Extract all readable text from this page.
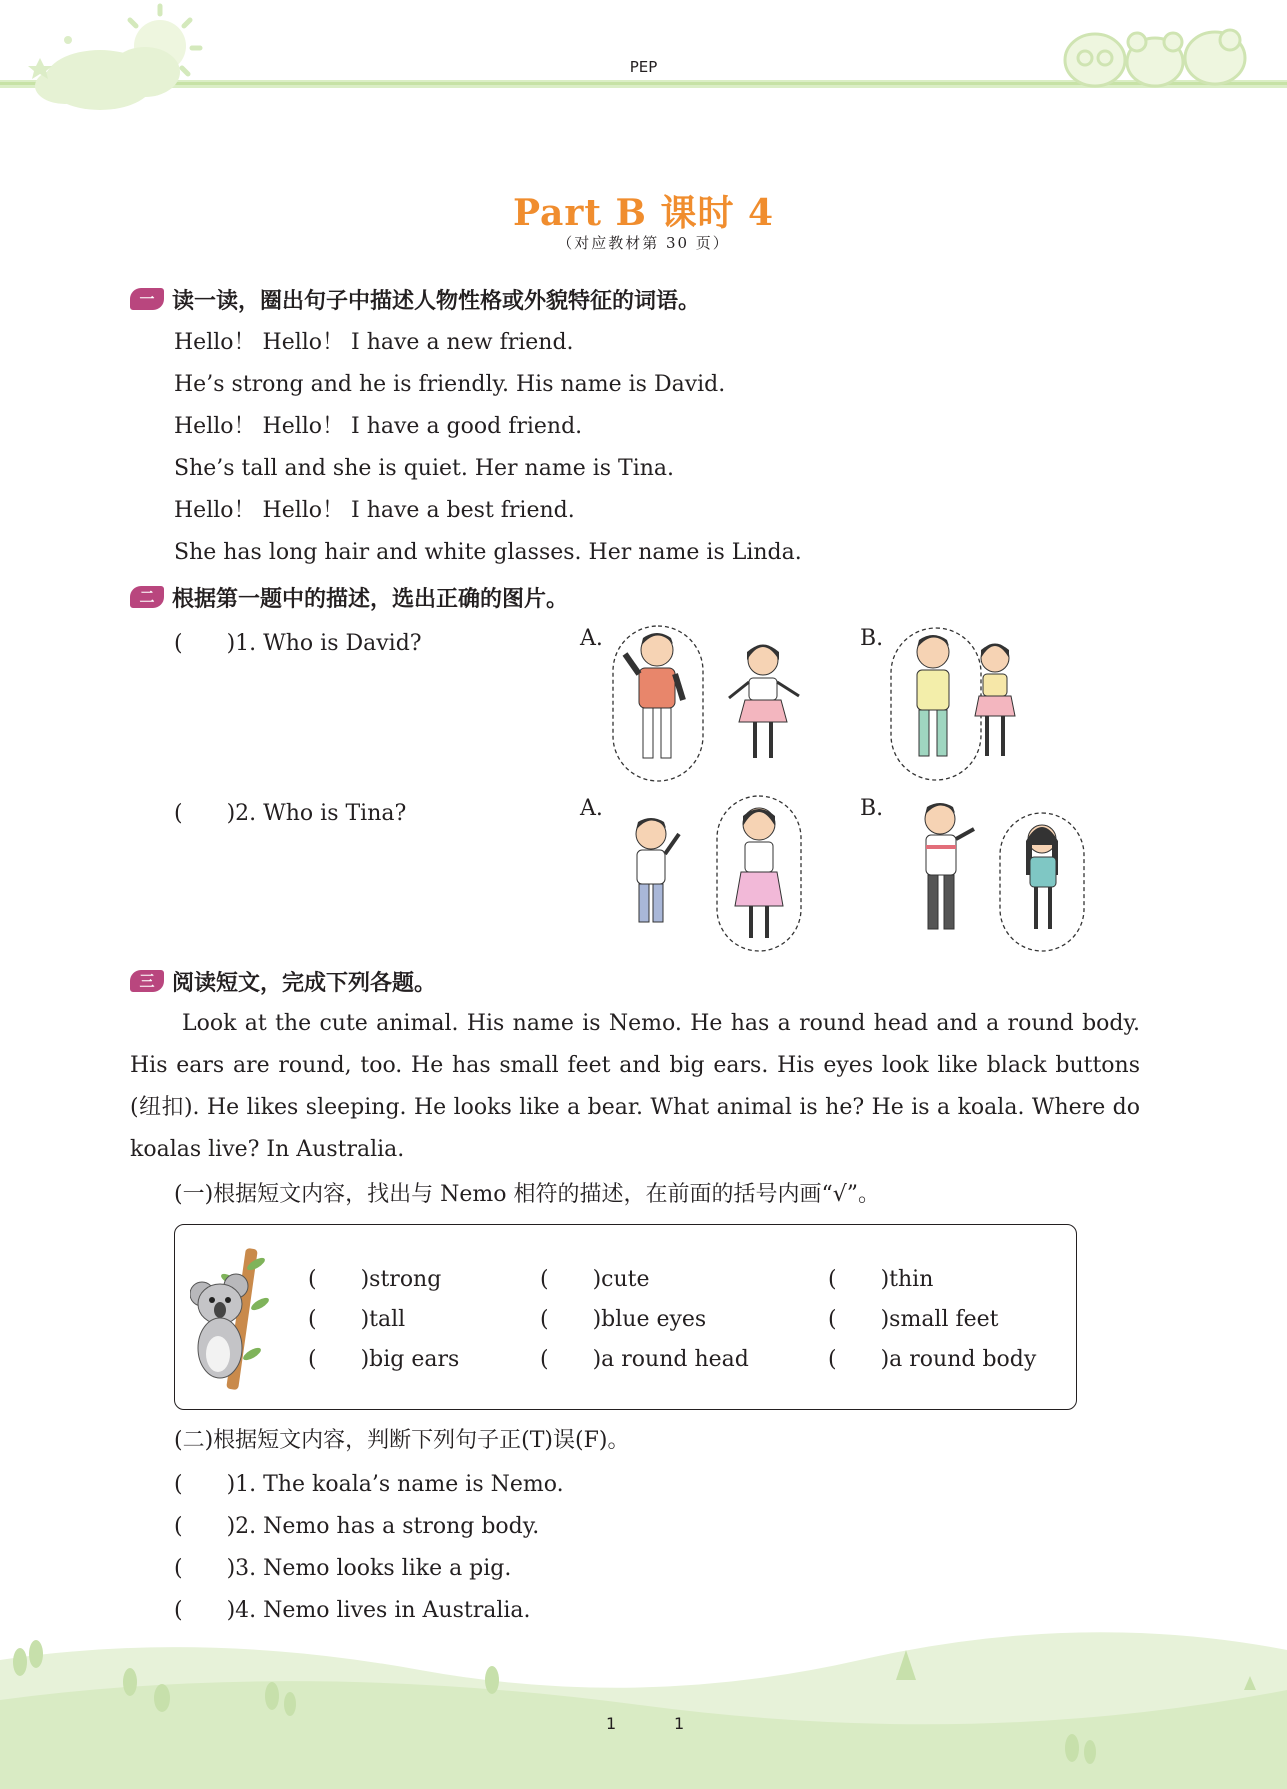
PEP
Part B 课时 4
（对应教材第 30 页）
一 读一读，圈出句子中描述人物性格或外貌特征的词语。
Hello！ Hello！ I have a new friend.
He’s strong and he is friendly. His name is David.
Hello！ Hello！ I have a good friend.
She’s tall and she is quiet. Her name is Tina.
Hello！ Hello！ I have a best friend.
She has long hair and white glasses. Her name is Linda.
二 根据第一题中的描述，选出正确的图片。
(　　)1. Who is David?	A.	B.
(　　)2. Who is Tina?	A.	B.
三 阅读短文，完成下列各题。
Look at the cute animal. His name is Nemo. He has a round head and a round body. His ears are round, too. He has small feet and big ears. His eyes look like black buttons (纽扣). He likes sleeping. He looks like a bear. What animal is he? He is a koala. Where do koalas live? In Australia.
(一)根据短文内容，找出与 Nemo 相符的描述，在前面的括号内画“√”。
(　　)strong	(　　)cute	(　　)thin
(　　)tall	(　　)blue eyes	(　　)small feet
(　　)big ears	(　　)a round head	(　　)a round body
(二)根据短文内容，判断下列句子正(T)误(F)。
(　　)1. The koala’s name is Nemo.
(　　)2. Nemo has a strong body.
(　　)3. Nemo looks like a pig.
(　　)4. Nemo lives in Australia.
1	1
